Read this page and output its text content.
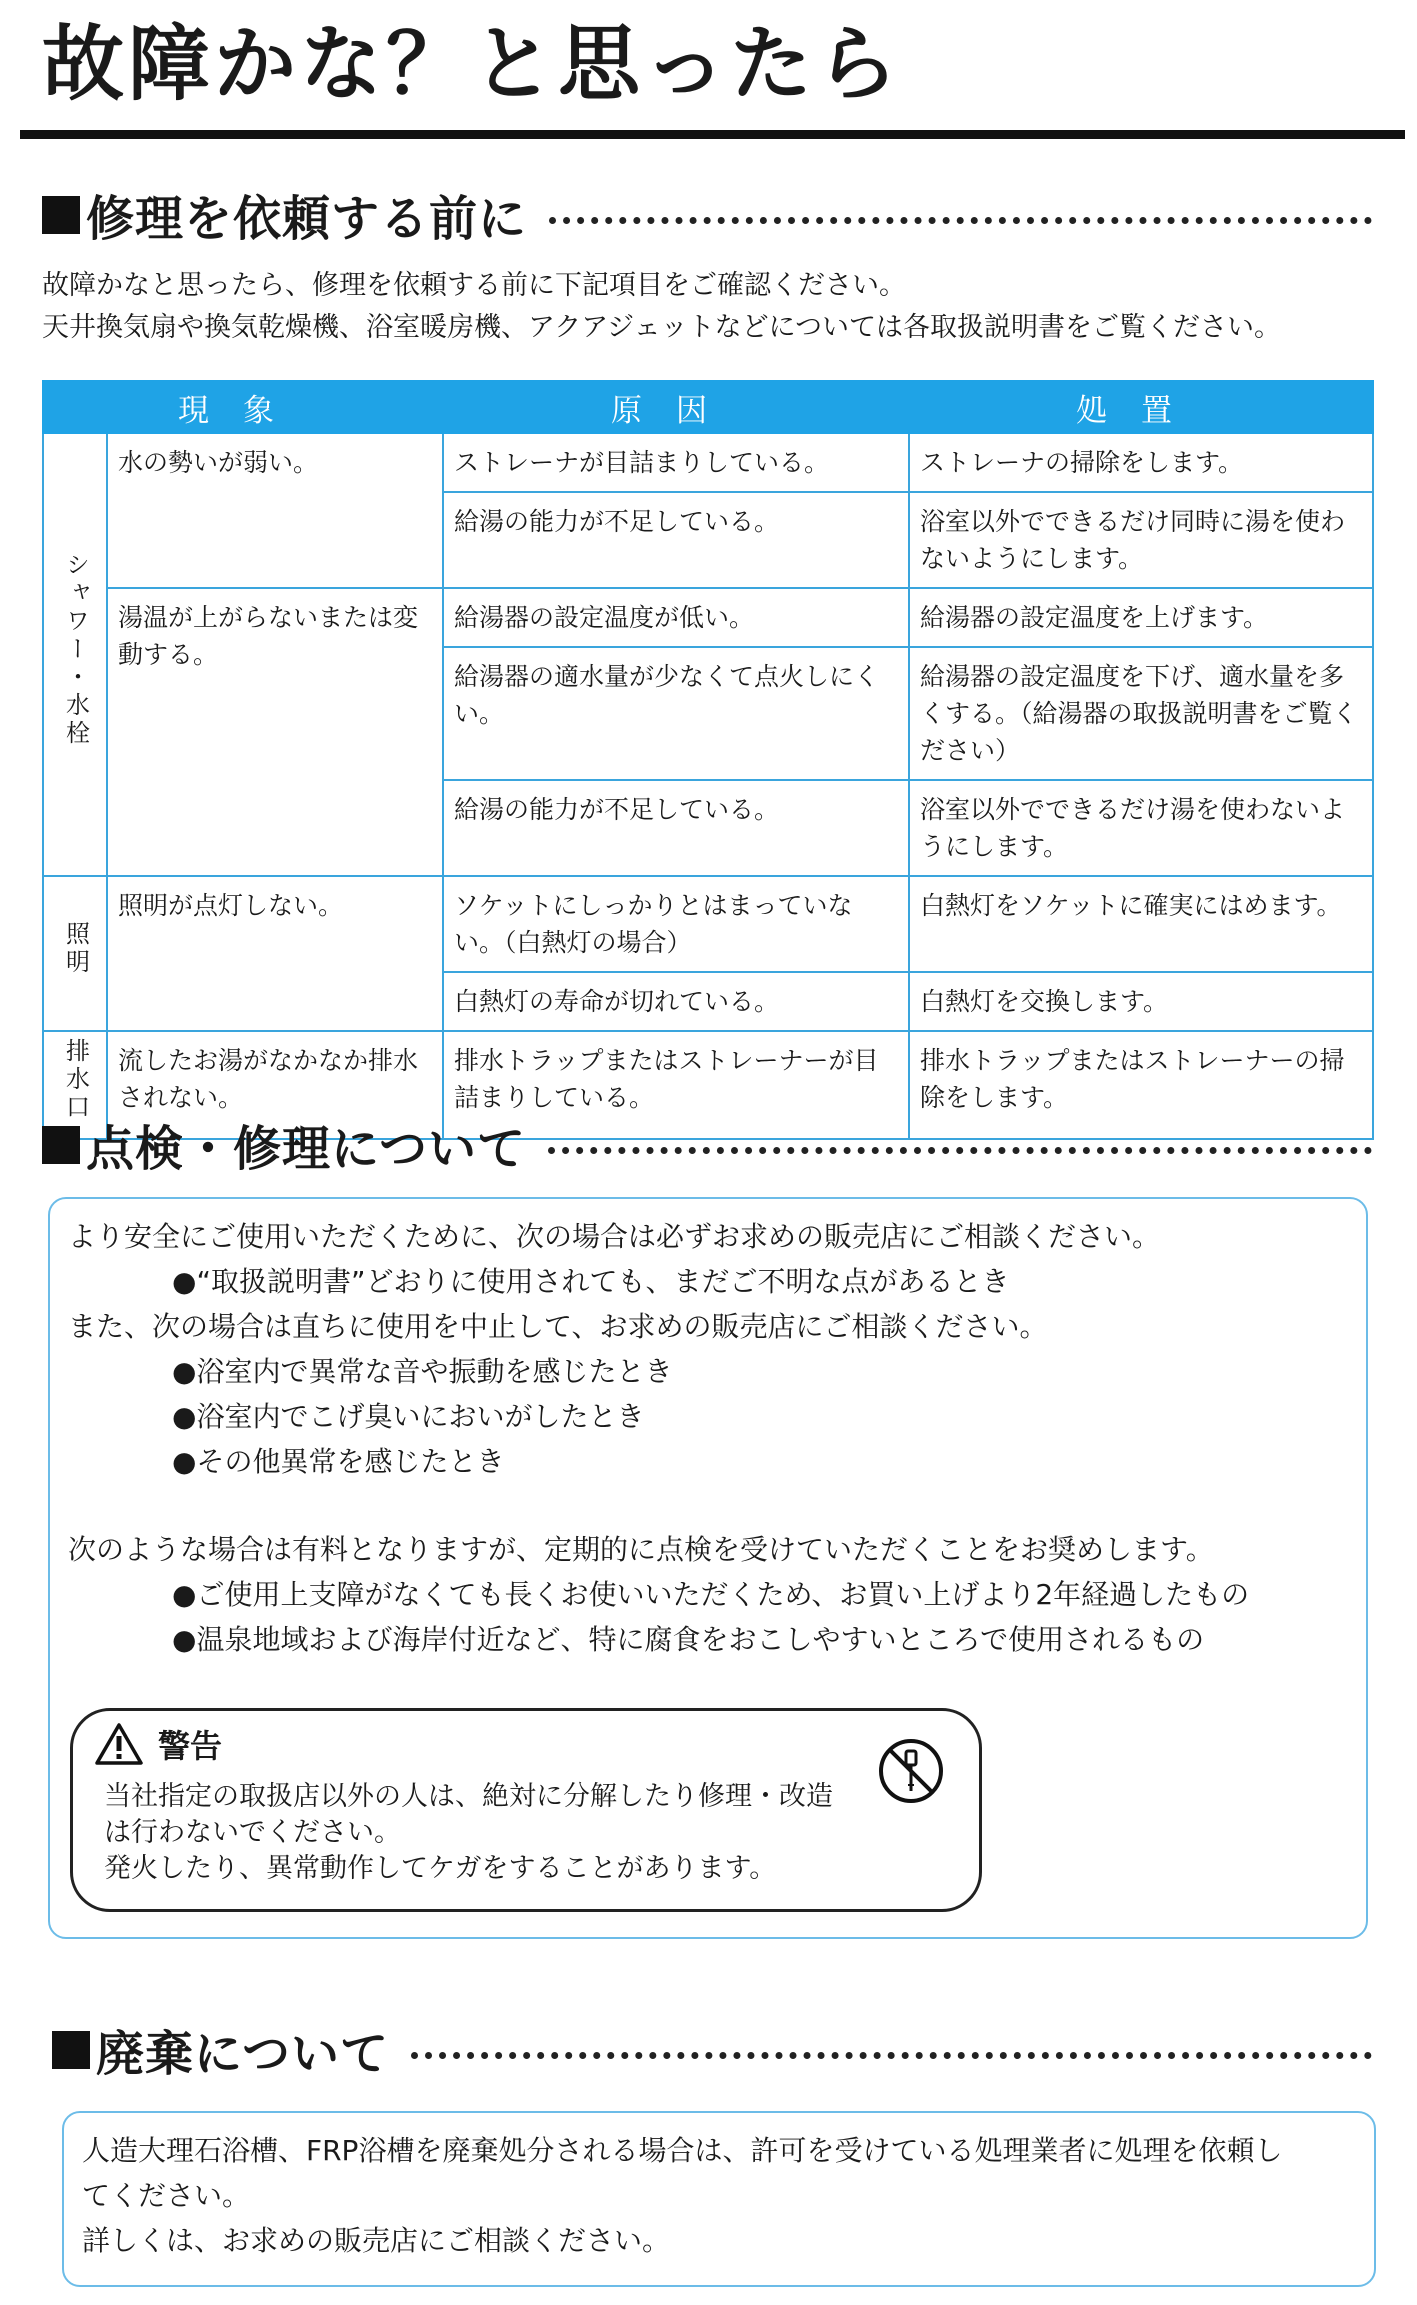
故障かな？と思ったら
修理を依頼する前に

故障かなと思ったら、修理を依頼する前に下記項目をご確認ください。

天井換気扇や換気乾燥機、浴室暖房機、アクアジェットなどについては各取扱説明書をご覧ください。

現象		原因	処置
シャワー・水栓	水の勢いが弱い。	ストレーナが目詰まりしている。	ストレーナの掃除をします。
		給湯の能力が不足している。	浴室以外でできるだけ同時に湯を使わないようにします。
	湯温が上がらないまたは変動する。	給湯器の設定温度が低い。	給湯器の設定温度を上げます。
		給湯器の適水量が少なくて点火しにくい。	給湯器の設定温度を下げ、適水量を多くする。（給湯器の取扱説明書をご覧ください）
		給湯の能力が不足している。	浴室以外でできるだけ湯を使わないようにします。
照明	照明が点灯しない。	ソケットにしっかりとはまっていない。（白熱灯の場合）	白熱灯をソケットに確実にはめます。
		白熱灯の寿命が切れている。	白熱灯を交換します。
排水口	流したお湯がなかなか排水されない。	排水トラップまたはストレーナーが目詰まりしている。	排水トラップまたはストレーナーの掃除をします。
点検・修理について

より安全にご使用いただくために、次の場合は必ずお求めの販売店にご相談ください。

●“取扱説明書”どおりに使用されても、まだご不明な点があるとき

また、次の場合は直ちに使用を中止して、お求めの販売店にご相談ください。

●浴室内で異常な音や振動を感じたとき

●浴室内でこげ臭いにおいがしたとき

●その他異常を感じたとき

次のような場合は有料となりますが、定期的に点検を受けていただくことをお奨めします。

●ご使用上支障がなくても長くお使いいただくため、お買い上げより2年経過したもの

●温泉地域および海岸付近など、特に腐食をおこしやすいところで使用されるもの

警告

当社指定の取扱店以外の人は、絶対に分解したり修理・改造

は行わないでください。

発火したり、異常動作してケガをすることがあります。

廃棄について

人造大理石浴槽、FRP浴槽を廃棄処分される場合は、許可を受けている処理業者に処理を依頼し

てください。

詳しくは、お求めの販売店にご相談ください。
